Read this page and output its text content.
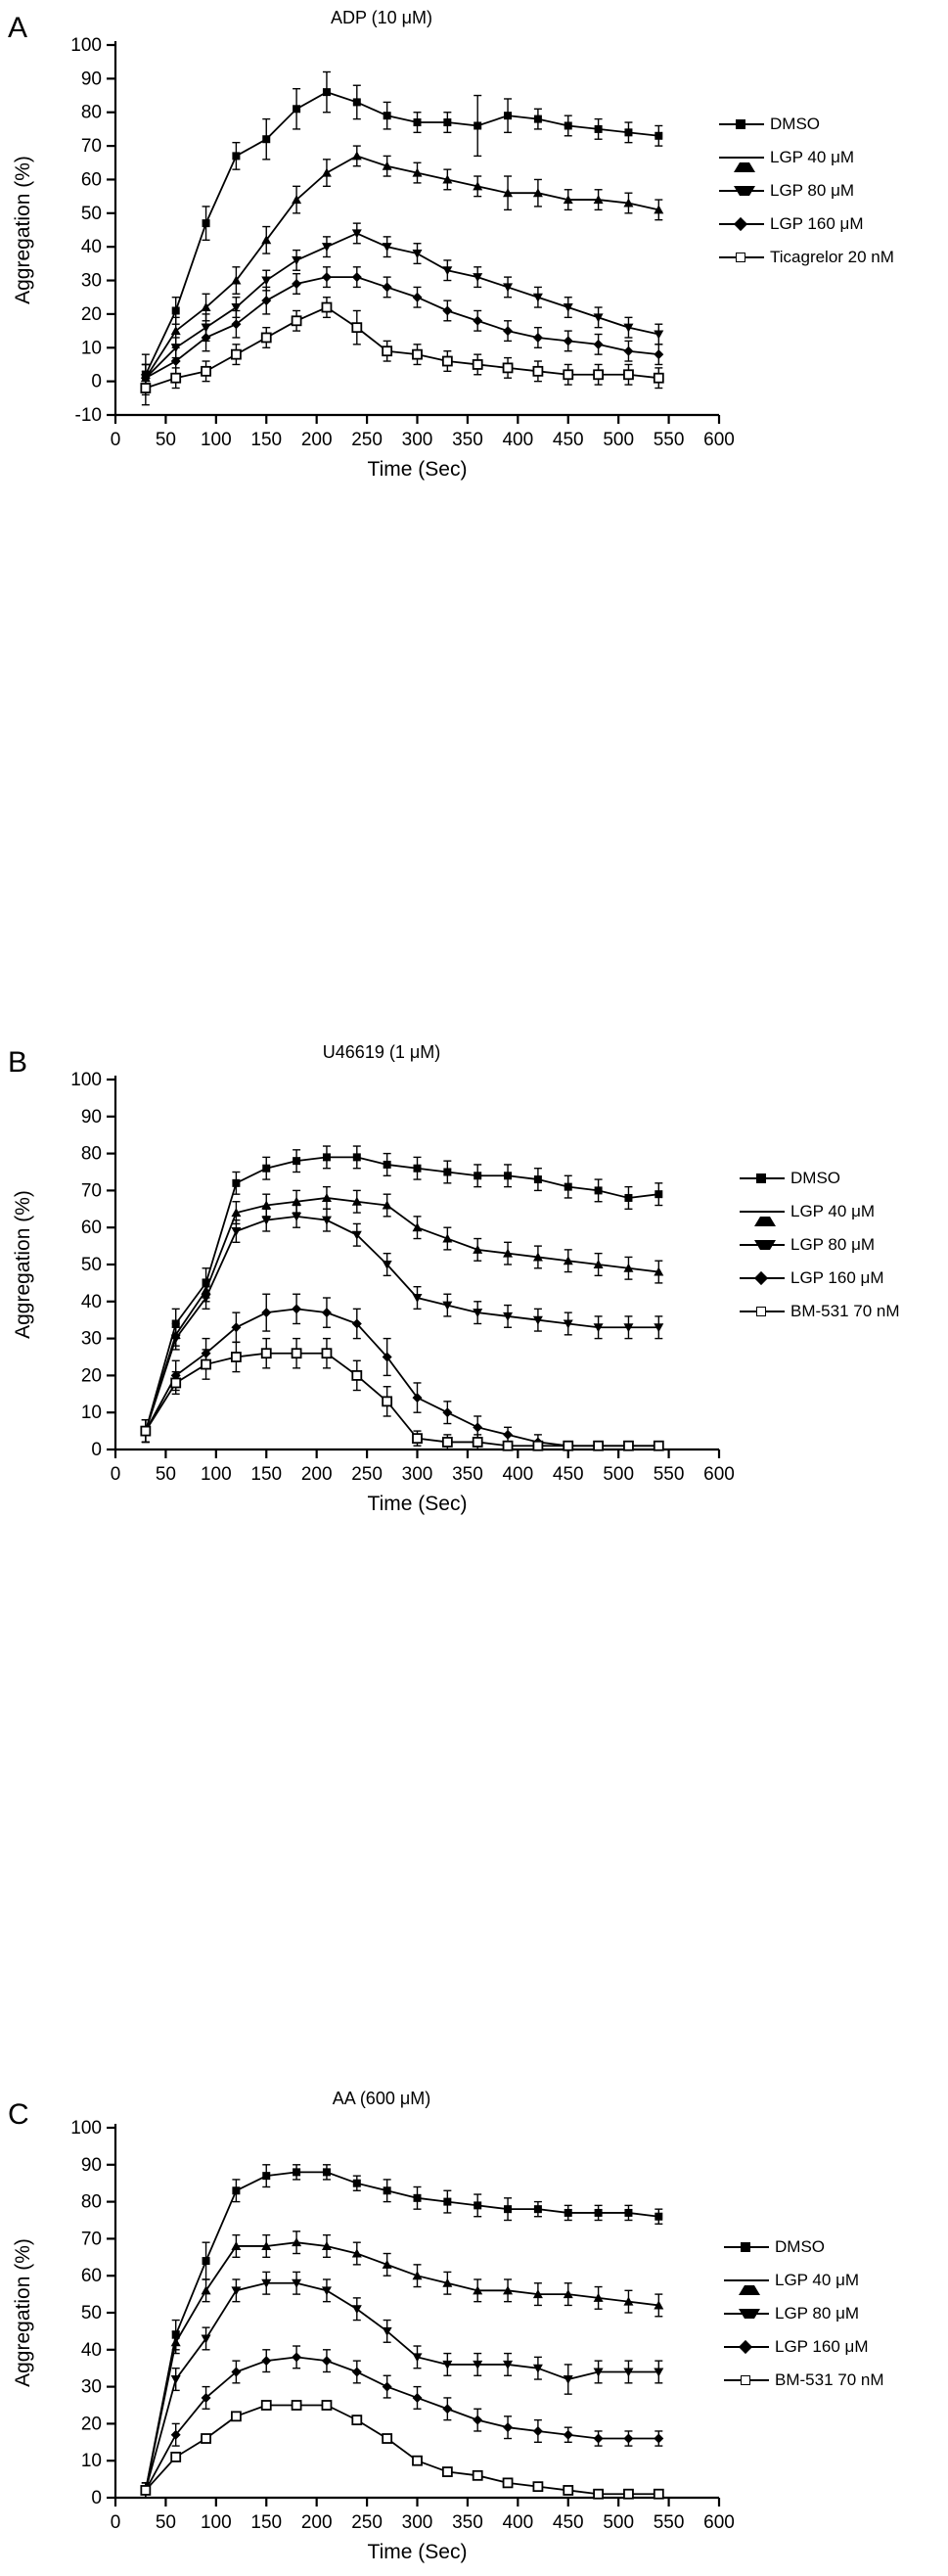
A	ADP (10 μM)
-10
0
10
20
30
40
50
60
70
80
90
100
0 50 100 150 200 250 300 350 400 450 500 550 600
Time (Sec)
Aggregation (%)
DMSO
LGP 40 μM
LGP 80 μM
LGP 160 μM
Ticagrelor 20 nM
B	U46619 (1 μM)
0
10
20
30
40
50
60
70
80
90
100
0 50 100 150 200 250 300 350 400 450 500 550 600
Time (Sec)
Aggregation (%)
DMSO
LGP 40 μM
LGP 80 μM
LGP 160 μM
BM-531 70 nM
C	AA (600 μM)
0
10
20
30
40
50
60
70
80
90
100
0 50 100 150 200 250 300 350 400 450 500 550 600
Time (Sec)
Aggregation (%)	DMSO
LGP 40 μM
LGP 80 μM
LGP 160 μM
BM-531 70 nM
